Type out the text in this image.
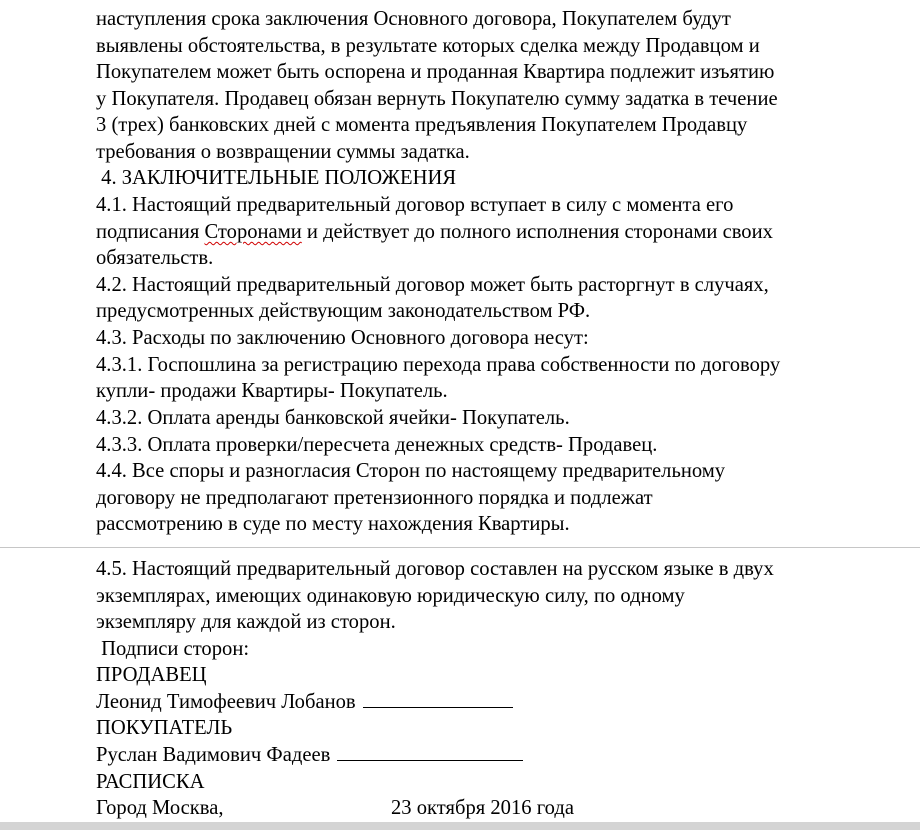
наступления срока заключения Основного договора, Покупателем будут
выявлены обстоятельства, в результате которых сделка между Продавцом и
Покупателем может быть оспорена и проданная Квартира подлежит изъятию
у Покупателя. Продавец обязан вернуть Покупателю сумму задатка в течение
3 (трех) банковских дней с момента предъявления Покупателем Продавцу
требования о возвращении суммы задатка.
4. ЗАКЛЮЧИТЕЛЬНЫЕ ПОЛОЖЕНИЯ
4.1. Настоящий предварительный договор вступает в силу с момента его
подписания Сторонами и действует до полного исполнения сторонами своих
обязательств.
4.2. Настоящий предварительный договор может быть расторгнут в случаях,
предусмотренных действующим законодательством РФ.
4.3. Расходы по заключению Основного договора несут:
4.3.1. Госпошлина за регистрацию перехода права собственности по договору
купли- продажи Квартиры- Покупатель.
4.3.2. Оплата аренды банковской ячейки- Покупатель.
4.3.3. Оплата проверки/пересчета денежных средств- Продавец.
4.4. Все споры и разногласия Сторон по настоящему предварительному
договору не предполагают претензионного порядка и подлежат
рассмотрению в суде по месту нахождения Квартиры.
4.5. Настоящий предварительный договор составлен на русском языке в двух
экземплярах, имеющих одинаковую юридическую силу, по одному
экземпляру для каждой из сторон.
Подписи сторон:
ПРОДАВЕЦ
Леонид Тимофеевич Лобанов
ПОКУПАТЕЛЬ
Руслан Вадимович Фадеев
РАСПИСКА
Город Москва,	23 октября 2016 года
